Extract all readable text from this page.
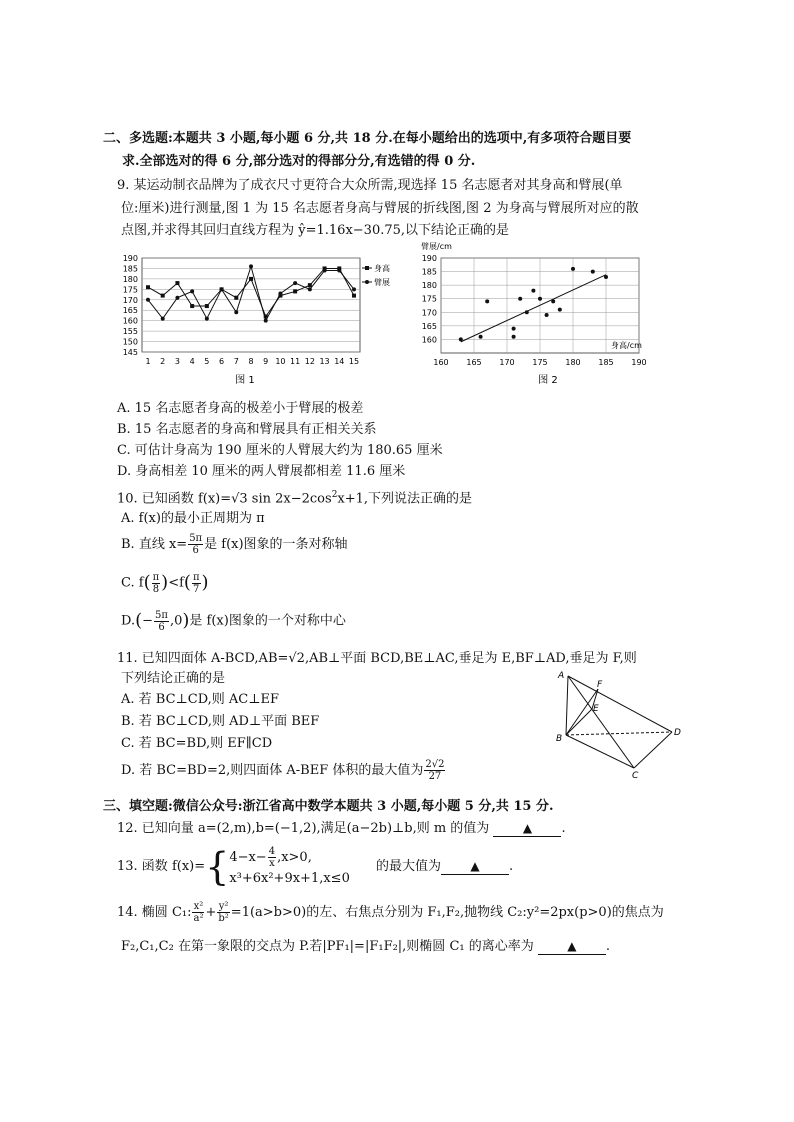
二、多选题:本题共 3 小题,每小题 6 分,共 18 分.在每小题给出的选项中,有多项符合题目要
求.全部选对的得 6 分,部分选对的得部分分,有选错的得 0 分.
9. 某运动制衣品牌为了成衣尺寸更符合大众所需,现选择 15 名志愿者对其身高和臂展(单
位:厘米)进行测量,图 1 为 15 名志愿者身高与臂展的折线图,图 2 为身高与臂展所对应的散
点图,并求得其回归直线方程为 ŷ=1.16x−30.75,以下结论正确的是
145
150
155
160
165
170
175
180
185
190
1 2 3 4 5 6 7 8 9 10 11 12 13 14 15
身高
臂展
图 1
臂展/cm
160
165
170
175
180
185
190
160 165 170 175 180 185 190
身高/cm
图 2
A. 15 名志愿者身高的极差小于臂展的极差
B. 15 名志愿者的身高和臂展具有正相关关系
C. 可估计身高为 190 厘米的人臂展大约为 180.65 厘米
D. 身高相差 10 厘米的两人臂展都相差 11.6 厘米
10. 已知函数 f(x)=√3 $\sin 2x-2\cos^2x+1$,下列说法正确的是
A. f(x)的最小正周期为 π
B. 直线 $x= \frac{5\pi}{6}$ 是 f(x)图象的一条对称轴
C. $f( \frac{\pi}{8} )<f( \frac{\pi}{7}$ )
$D.(- \frac{5\pi}{6} ,0)$是 f(x)图象的一个对称中心
11. 已知四面体 A-BCD,AB=√2,AB⊥平面 BCD,BE⊥AC,垂足为 E,BF⊥AD,垂足为 F,则
下列结论正确的是
A. 若 BC⊥CD,则 AC⊥EF
B. 若 BC⊥CD,则 AD⊥平面 BEF
C. 若 BC=BD,则 EF∥CD
D. 若 BC=BD=2,则四面体 A-BEF 体积的最大值为 $\frac{2√2}{27}$
A
F
E
B
D
C
三、填空题:微信公众号:浙江省高中数学本题共 3 小题,每小题 5 分,共 15 分.
12. 已知向量 a=(2,m),b=(−1,2),满足(a−2b)⊥b,则 m 的值为	▲ .
13. 函数 f(x)={ $4-x- \frac{4}{x} ,x>0$,
x³+6x²+9x+1,x≤0
的最大值为 ▲ .
14. 椭圆 C₁: $\frac{\text{x²}}{\text{a²}} + \frac{\text{y²}}{\text{b²}} =1(a>b>0)$的左、右焦点分别为 F₁,F₂,抛物线 C₂:y²=2px(p>0)的焦点为
F₂,C₁,C₂ 在第一象限的交点为 P.若|PF₁|=|F₁F₂|,则椭圆 C₁ 的离心率为	▲ .
